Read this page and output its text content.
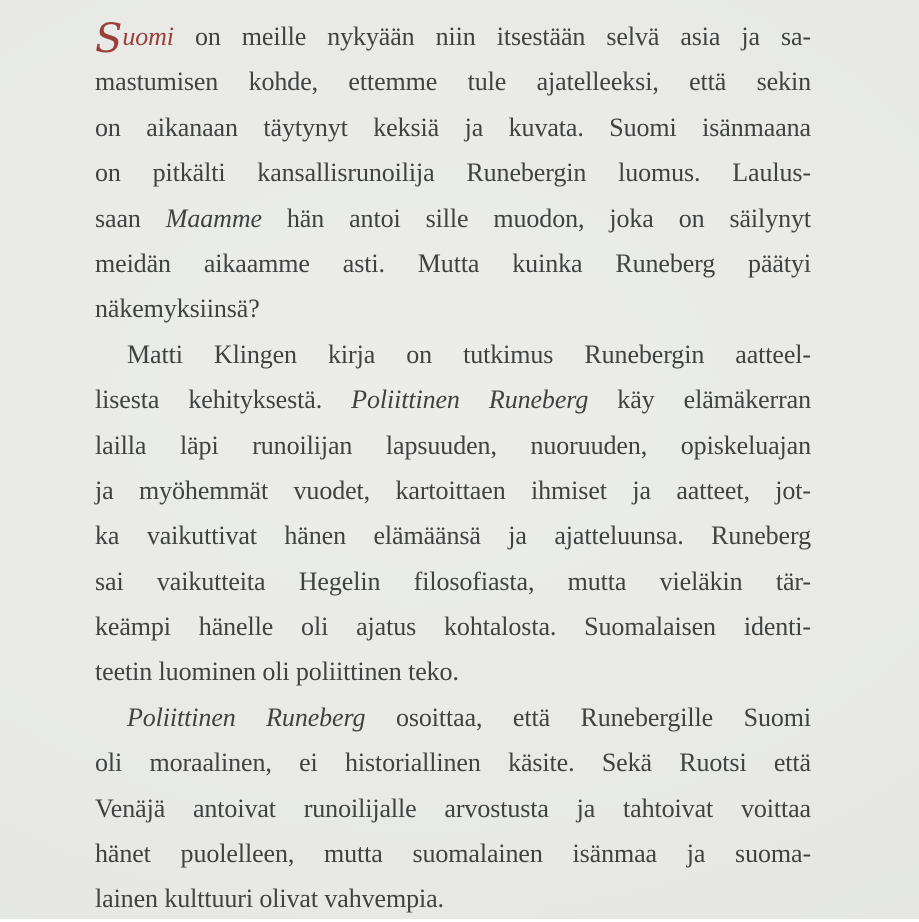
Suomi on meille nykyään niin itsestään selvä asia ja sa-
mastumisen kohde, ettemme tule ajatelleeksi, että sekin
on aikanaan täytynyt keksiä ja kuvata. Suomi isänmaana
on pitkälti kansallisrunoilija Runebergin luomus. Laulus-
saan Maamme hän antoi sille muodon, joka on säilynyt
meidän aikaamme asti. Mutta kuinka Runeberg päätyi
näkemyksiinsä?
Matti Klingen kirja on tutkimus Runebergin aatteel-
lisesta kehityksestä. Poliittinen Runeberg käy elämäkerran
lailla läpi runoilijan lapsuuden, nuoruuden, opiskeluajan
ja myöhemmät vuodet, kartoittaen ihmiset ja aatteet, jot-
ka vaikuttivat hänen elämäänsä ja ajatteluunsa. Runeberg
sai vaikutteita Hegelin filosofiasta, mutta vieläkin tär-
keämpi hänelle oli ajatus kohtalosta. Suomalaisen identi-
teetin luominen oli poliittinen teko.
Poliittinen Runeberg osoittaa, että Runebergille Suomi
oli moraalinen, ei historiallinen käsite. Sekä Ruotsi että
Venäjä antoivat runoilijalle arvostusta ja tahtoivat voittaa
hänet puolelleen, mutta suomalainen isänmaa ja suoma-
lainen kulttuuri olivat vahvempia.
